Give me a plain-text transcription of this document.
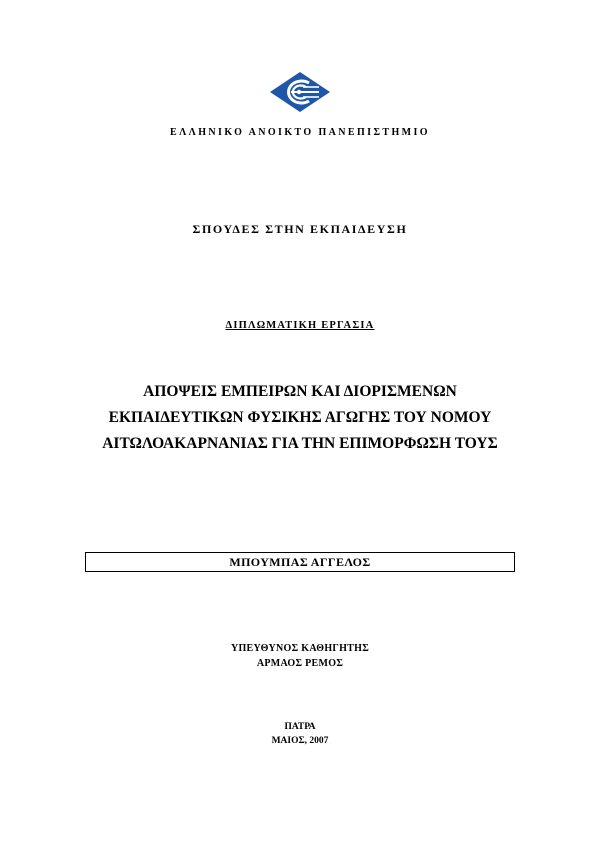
ΕΛΛΗΝΙΚΟ ΑΝΟΙΚΤΟ ΠΑΝΕΠΙΣΤΗΜΙΟ
ΣΠΟΥΔΕΣ ΣΤΗΝ ΕΚΠΑΙΔΕΥΣΗ
ΔΙΠΛΩΜΑΤΙΚΗ ΕΡΓΑΣΙΑ
ΑΠΟΨΕΙΣ ΕΜΠΕΙΡΩΝ ΚΑΙ ΔΙΟΡΙΣΜΕΝΩΝ
ΕΚΠΑΙΔΕΥΤΙΚΩΝ ΦΥΣΙΚΗΣ ΑΓΩΓΗΣ ΤΟΥ ΝΟΜΟΥ
ΑΙΤΩΛΟΑΚΑΡΝΑΝΙΑΣ ΓΙΑ ΤΗΝ ΕΠΙΜΟΡΦΩΣΗ ΤΟΥΣ
ΜΠΟΥΜΠΑΣ ΑΓΓΕΛΟΣ
ΥΠΕΥΘΥΝΟΣ ΚΑΘΗΓΗΤΗΣ
ΑΡΜΑΟΣ ΡΕΜΟΣ
ΠΑΤΡΑ
ΜΑΙΟΣ, 2007
